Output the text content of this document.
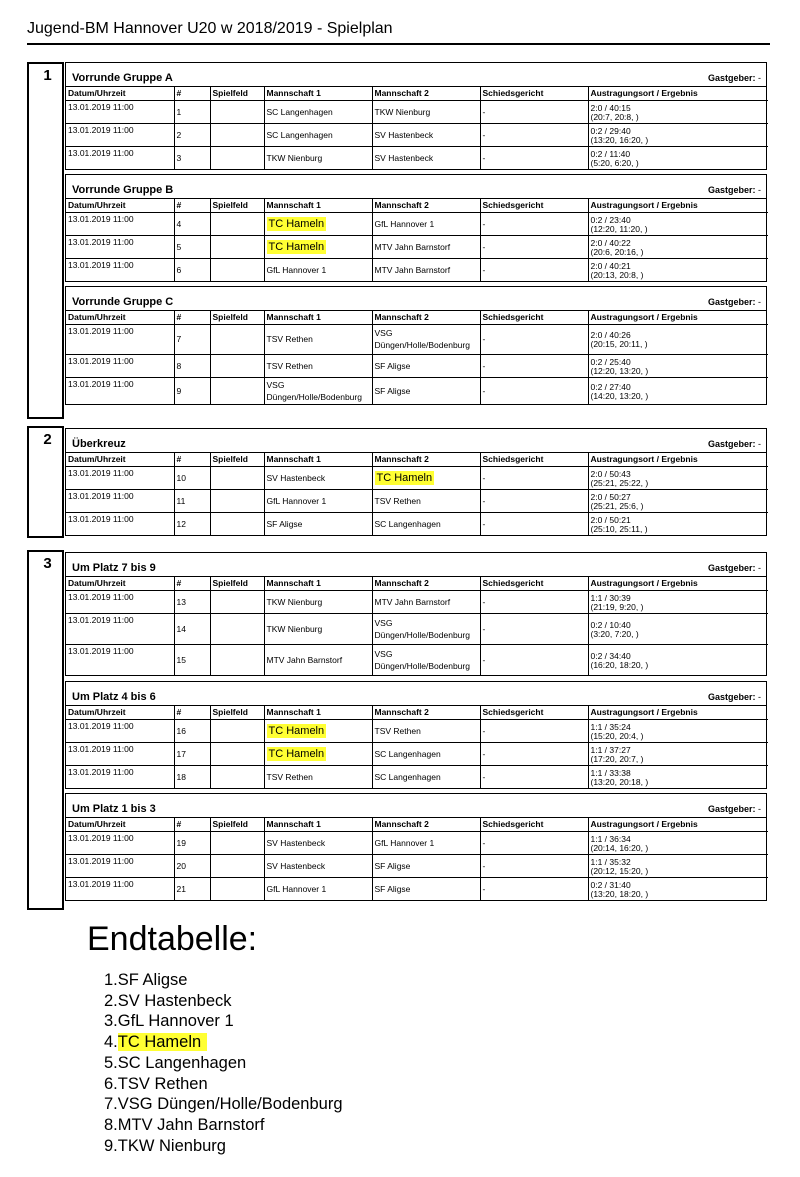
Jugend-BM Hannover U20 w 2018/2019 - Spielplan
1
2
3
Vorrunde Gruppe A	Gastgeber: -
Datum/Uhrzeit	#	Spielfeld	Mannschaft 1	Mannschaft 2	Schiedsgericht	Austragungsort / Ergebnis
13.01.2019 11:00	1		SC Langenhagen	TKW Nienburg	-	2:0 / 40:15
(20:7, 20:8, )

13.01.2019 11:00	2		SC Langenhagen	SV Hastenbeck	-	0:2 / 29:40
(13:20, 16:20, )

13.01.2019 11:00	3		TKW Nienburg	SV Hastenbeck	-	0:2 / 11:40
(5:20, 6:20, )
Vorrunde Gruppe B	Gastgeber: -
Datum/Uhrzeit	#	Spielfeld	Mannschaft 1	Mannschaft 2	Schiedsgericht	Austragungsort / Ergebnis
13.01.2019 11:00	4		TC Hameln	GfL Hannover 1	-	0:2 / 23:40
(12:20, 11:20, )

13.01.2019 11:00	5		TC Hameln	MTV Jahn Barnstorf	-	2:0 / 40:22
(20:6, 20:16, )

13.01.2019 11:00	6		GfL Hannover 1	MTV Jahn Barnstorf	-	2:0 / 40:21
(20:13, 20:8, )
Vorrunde Gruppe C	Gastgeber: -
Datum/Uhrzeit	#	Spielfeld	Mannschaft 1	Mannschaft 2	Schiedsgericht	Austragungsort / Ergebnis
13.01.2019 11:00	7		TSV Rethen	VSG Düngen/Holle/Bodenburg	-	2:0 / 40:26
(20:15, 20:11, )

13.01.2019 11:00	8		TSV Rethen	SF Aligse	-	0:2 / 25:40
(12:20, 13:20, )

13.01.2019 11:00	9		VSG Düngen/Holle/Bodenburg	SF Aligse	-	0:2 / 27:40
(14:20, 13:20, )
Überkreuz	Gastgeber: -
Datum/Uhrzeit	#	Spielfeld	Mannschaft 1	Mannschaft 2	Schiedsgericht	Austragungsort / Ergebnis
13.01.2019 11:00	10		SV Hastenbeck	TC Hameln	-	2:0 / 50:43
(25:21, 25:22, )

13.01.2019 11:00	11		GfL Hannover 1	TSV Rethen	-	2:0 / 50:27
(25:21, 25:6, )

13.01.2019 11:00	12		SF Aligse	SC Langenhagen	-	2:0 / 50:21
(25:10, 25:11, )
Um Platz 7 bis 9	Gastgeber: -
Datum/Uhrzeit	#	Spielfeld	Mannschaft 1	Mannschaft 2	Schiedsgericht	Austragungsort / Ergebnis
13.01.2019 11:00	13		TKW Nienburg	MTV Jahn Barnstorf	-	1:1 / 30:39
(21:19, 9:20, )

13.01.2019 11:00	14		TKW Nienburg	VSG Düngen/Holle/Bodenburg	-	0:2 / 10:40
(3:20, 7:20, )

13.01.2019 11:00	15		MTV Jahn Barnstorf	VSG Düngen/Holle/Bodenburg	-	0:2 / 34:40
(16:20, 18:20, )
Um Platz 4 bis 6	Gastgeber: -
Datum/Uhrzeit	#	Spielfeld	Mannschaft 1	Mannschaft 2	Schiedsgericht	Austragungsort / Ergebnis
13.01.2019 11:00	16		TC Hameln	TSV Rethen	-	1:1 / 35:24
(15:20, 20:4, )

13.01.2019 11:00	17		TC Hameln	SC Langenhagen	-	1:1 / 37:27
(17:20, 20:7, )

13.01.2019 11:00	18		TSV Rethen	SC Langenhagen	-	1:1 / 33:38
(13:20, 20:18, )
Um Platz 1 bis 3	Gastgeber: -
Datum/Uhrzeit	#	Spielfeld	Mannschaft 1	Mannschaft 2	Schiedsgericht	Austragungsort / Ergebnis
13.01.2019 11:00	19		SV Hastenbeck	GfL Hannover 1	-	1:1 / 36:34
(20:14, 16:20, )

13.01.2019 11:00	20		SV Hastenbeck	SF Aligse	-	1:1 / 35:32
(20:12, 15:20, )

13.01.2019 11:00	21		GfL Hannover 1	SF Aligse	-	0:2 / 31:40
(13:20, 18:20, )
Endtabelle:
1.SF Aligse
2.SV Hastenbeck
3.GfL Hannover 1
4.TC Hameln
5.SC Langenhagen
6.TSV Rethen
7.VSG Düngen/Holle/Bodenburg
8.MTV Jahn Barnstorf
9.TKW Nienburg
